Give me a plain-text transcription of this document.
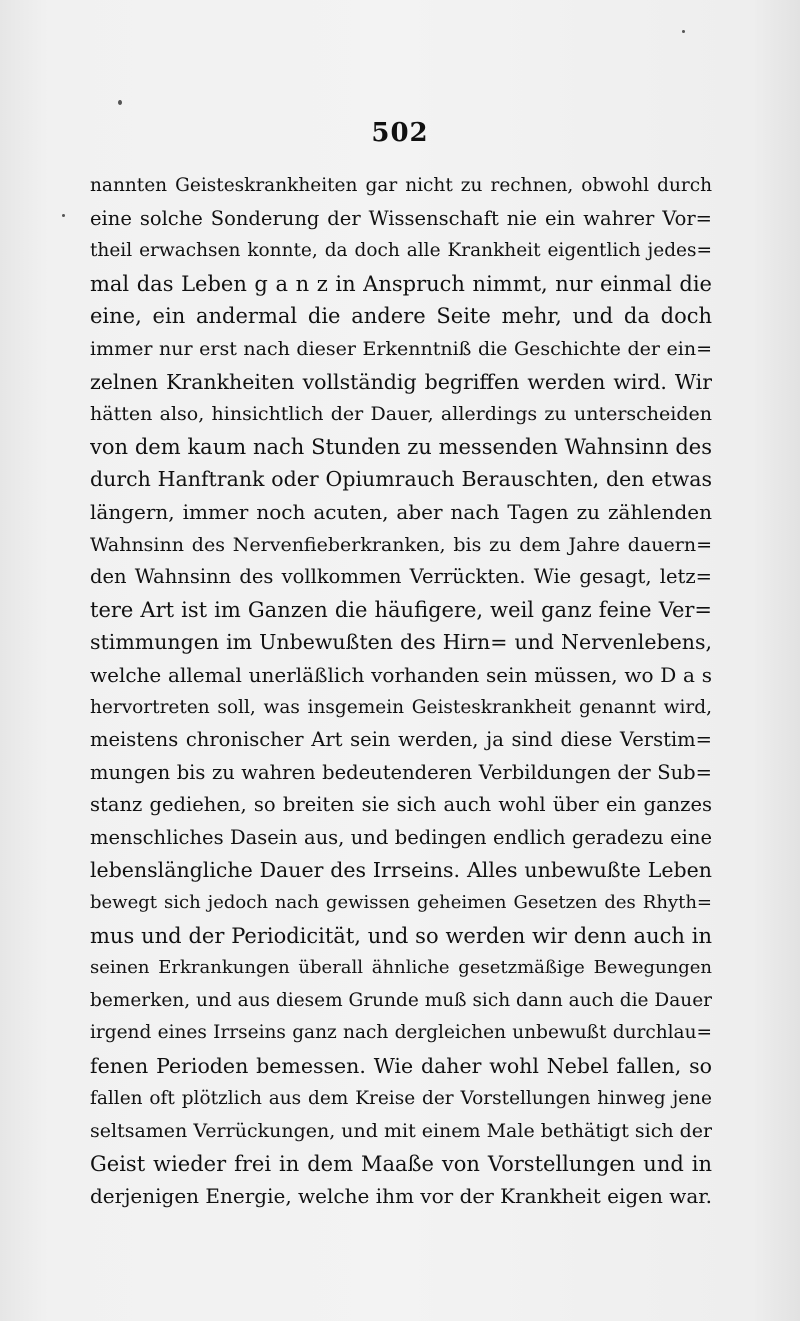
502
nannten Geisteskrankheiten gar nicht zu rechnen, obwohl durch
eine solche Sonderung der Wissenschaft nie ein wahrer Vor=
theil erwachsen konnte, da doch alle Krankheit eigentlich jedes=
mal das Leben g a n z in Anspruch nimmt, nur einmal die
eine, ein andermal die andere Seite mehr, und da doch
immer nur erst nach dieser Erkenntniß die Geschichte der ein=
zelnen Krankheiten vollständig begriffen werden wird. Wir
hätten also, hinsichtlich der Dauer, allerdings zu unterscheiden
von dem kaum nach Stunden zu messenden Wahnsinn des
durch Hanftrank oder Opiumrauch Berauschten, den etwas
längern, immer noch acuten, aber nach Tagen zu zählenden
Wahnsinn des Nervenfieberkranken, bis zu dem Jahre dauern=
den Wahnsinn des vollkommen Verrückten. Wie gesagt, letz=
tere Art ist im Ganzen die häufigere, weil ganz feine Ver=
stimmungen im Unbewußten des Hirn= und Nervenlebens,
welche allemal unerläßlich vorhanden sein müssen, wo D a s
hervortreten soll, was insgemein Geisteskrankheit genannt wird,
meistens chronischer Art sein werden, ja sind diese Verstim=
mungen bis zu wahren bedeutenderen Verbildungen der Sub=
stanz gediehen, so breiten sie sich auch wohl über ein ganzes
menschliches Dasein aus, und bedingen endlich geradezu eine
lebenslängliche Dauer des Irrseins. Alles unbewußte Leben
bewegt sich jedoch nach gewissen geheimen Gesetzen des Rhyth=
mus und der Periodicität, und so werden wir denn auch in
seinen Erkrankungen überall ähnliche gesetzmäßige Bewegungen
bemerken, und aus diesem Grunde muß sich dann auch die Dauer
irgend eines Irrseins ganz nach dergleichen unbewußt durchlau=
fenen Perioden bemessen. Wie daher wohl Nebel fallen, so
fallen oft plötzlich aus dem Kreise der Vorstellungen hinweg jene
seltsamen Verrückungen, und mit einem Male bethätigt sich der
Geist wieder frei in dem Maaße von Vorstellungen und in
derjenigen Energie, welche ihm vor der Krankheit eigen war.
